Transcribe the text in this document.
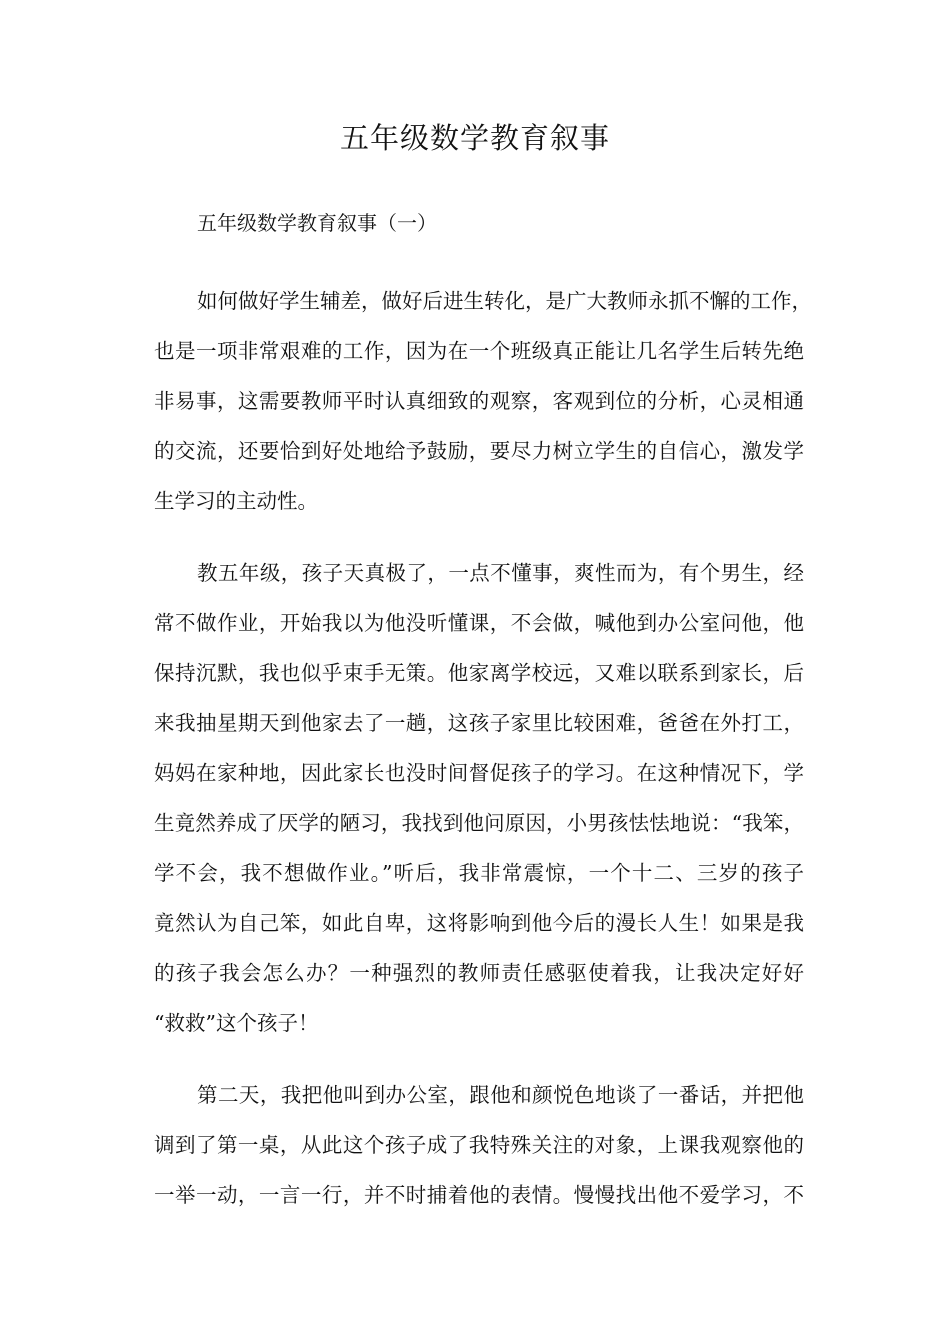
五年级数学教育叙事
五年级数学教育叙事（一）
如何做好学生辅差，做好后进生转化，是广大教师永抓不懈的工作，
也是一项非常艰难的工作，因为在一个班级真正能让几名学生后转先绝
非易事，这需要教师平时认真细致的观察，客观到位的分析，心灵相通
的交流，还要恰到好处地给予鼓励，要尽力树立学生的自信心，激发学
生学习的主动性。
教五年级，孩子天真极了，一点不懂事，爽性而为，有个男生，经
常不做作业，开始我以为他没听懂课，不会做，喊他到办公室问他，他
保持沉默，我也似乎束手无策。他家离学校远，又难以联系到家长，后
来我抽星期天到他家去了一趟，这孩子家里比较困难，爸爸在外打工，
妈妈在家种地，因此家长也没时间督促孩子的学习。在这种情况下，学
生竟然养成了厌学的陋习，我找到他问原因，小男孩怯怯地说：“我笨，
学不会，我不想做作业。”听后，我非常震惊，一个十二、三岁的孩子
竟然认为自己笨，如此自卑，这将影响到他今后的漫长人生！如果是我
的孩子我会怎么办？一种强烈的教师责任感驱使着我，让我决定好好
“救救”这个孩子！
第二天，我把他叫到办公室，跟他和颜悦色地谈了一番话，并把他
调到了第一桌，从此这个孩子成了我特殊关注的对象，上课我观察他的
一举一动，一言一行，并不时捕着他的表情。慢慢找出他不爱学习，不
